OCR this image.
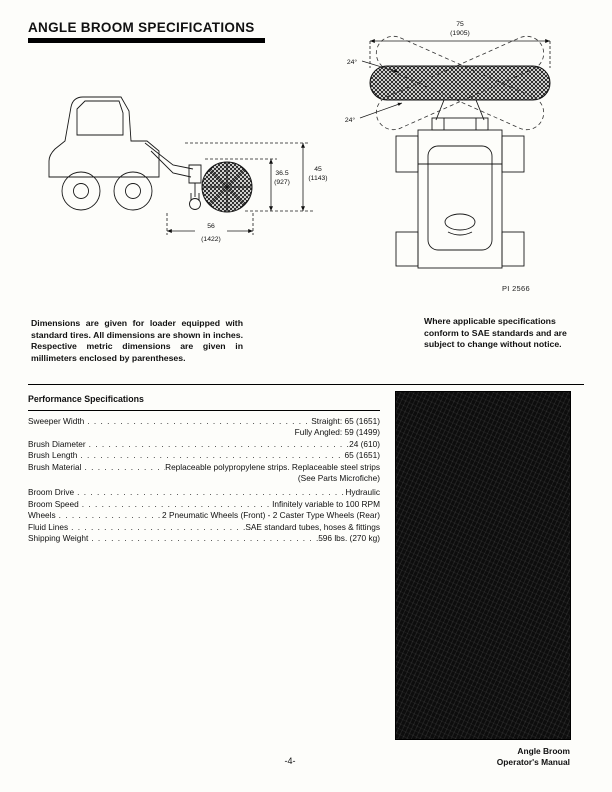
ANGLE BROOM SPECIFICATIONS
36.5
(927)
45
(1143)
56
(1422)
75
(1905)
24°
24°
PI 2566
Dimensions are given for loader equipped with standard tires. All dimensions are shown in inches. Respective metric dimensions are given in millimeters enclosed by parentheses.
Where applicable specifications conform to SAE standards and are subject to change without notice.
Performance Specifications
Sweeper Width . . .	Straight: 65 (1651)
Fully Angled: 59 (1499)
Brush Diameter . . .	24 (610)
Brush Length . . .	65 (1651)
Brush Material . . .	Replaceable polypropylene strips. Replaceable steel strips
(See Parts Microfiche)
Broom Drive . . .	Hydraulic
Broom Speed . . .	Infinitely variable to 100 RPM
Wheels . . .	2 Pneumatic Wheels (Front) - 2 Caster Type Wheels (Rear)
Fluid Lines . . .	SAE standard tubes, hoses & fittings
Shipping Weight . . .	596 lbs. (270 kg)
Angle Broom
Operator's Manual
-4-
